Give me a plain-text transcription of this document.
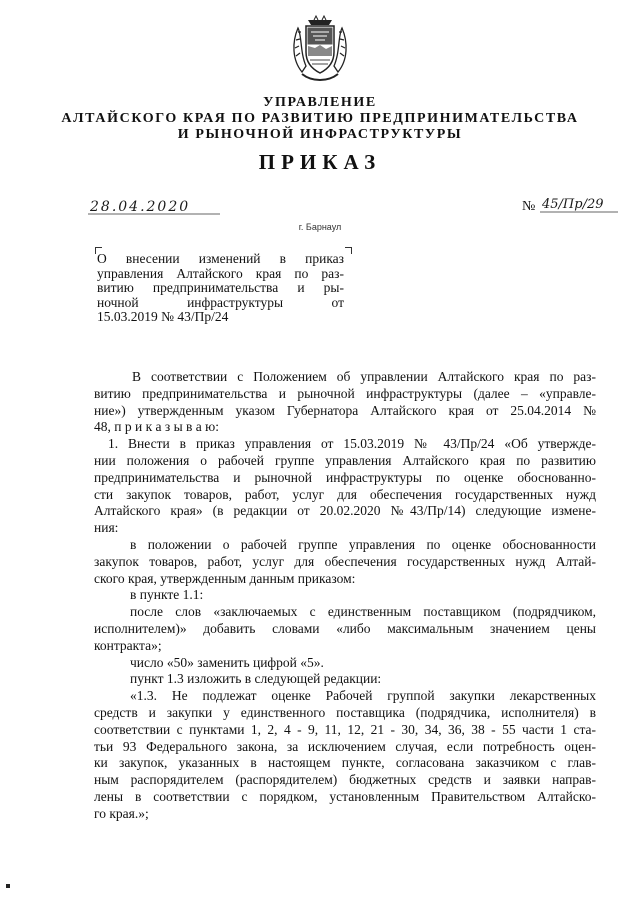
УПРАВЛЕНИЕ
АЛТАЙСКОГО КРАЯ ПО РАЗВИТИЮ ПРЕДПРИНИМАТЕЛЬСТВА
И РЫНОЧНОЙ ИНФРАСТРУКТУРЫ
ПРИКАЗ
28.04.2020	№ 45/Пр/29
г. Барнаул
О внесении изменений в приказ
управления Алтайского края по раз-
витию предпринимательства и ры-
ночной инфраструктуры от
15.03.2019 № 43/Пр/24

В соответствии с Положением об управлении Алтайского края по раз-
витию предпринимательства и рыночной инфраструктуры (далее – «управле-
ние») утвержденным указом Губернатора Алтайского края от 25.04.2014 №
48, п р и к а з ы в а ю:

1. Внести в приказ управления от 15.03.2019 № 43/Пр/24 «Об утвержде-
нии положения о рабочей группе управления Алтайского края по развитию
предпринимательства и рыночной инфраструктуры по оценке обоснованно-
сти закупок товаров, работ, услуг для обеспечения государственных нужд
Алтайского края» (в редакции от 20.02.2020 №43/Пр/14) следующие измене-
ния:

в положении о рабочей группе управления по оценке обоснованности
закупок товаров, работ, услуг для обеспечения государственных нужд Алтай-
ского края, утвержденным данным приказом:

в пункте 1.1:

после слов «заключаемых с единственным поставщиком (подрядчиком,
исполнителем)» добавить словами «либо максимальным значением цены
контракта»;

число «50» заменить цифрой «5».

пункт 1.3 изложить в следующей редакции:

«1.3. Не подлежат оценке Рабочей группой закупки лекарственных
средств и закупки у единственного поставщика (подрядчика, исполнителя) в
соответствии с пунктами 1, 2, 4 - 9, 11, 12, 21 - 30, 34, 36, 38 - 55 части 1 ста-
тьи 93 Федерального закона, за исключением случая, если потребность оцен-
ки закупок, указанных в настоящем пункте, согласована заказчиком с глав-
ным распорядителем (распорядителем) бюджетных средств и заявки направ-
лены в соответствии с порядком, установленным Правительством Алтайско-
го края.»;
